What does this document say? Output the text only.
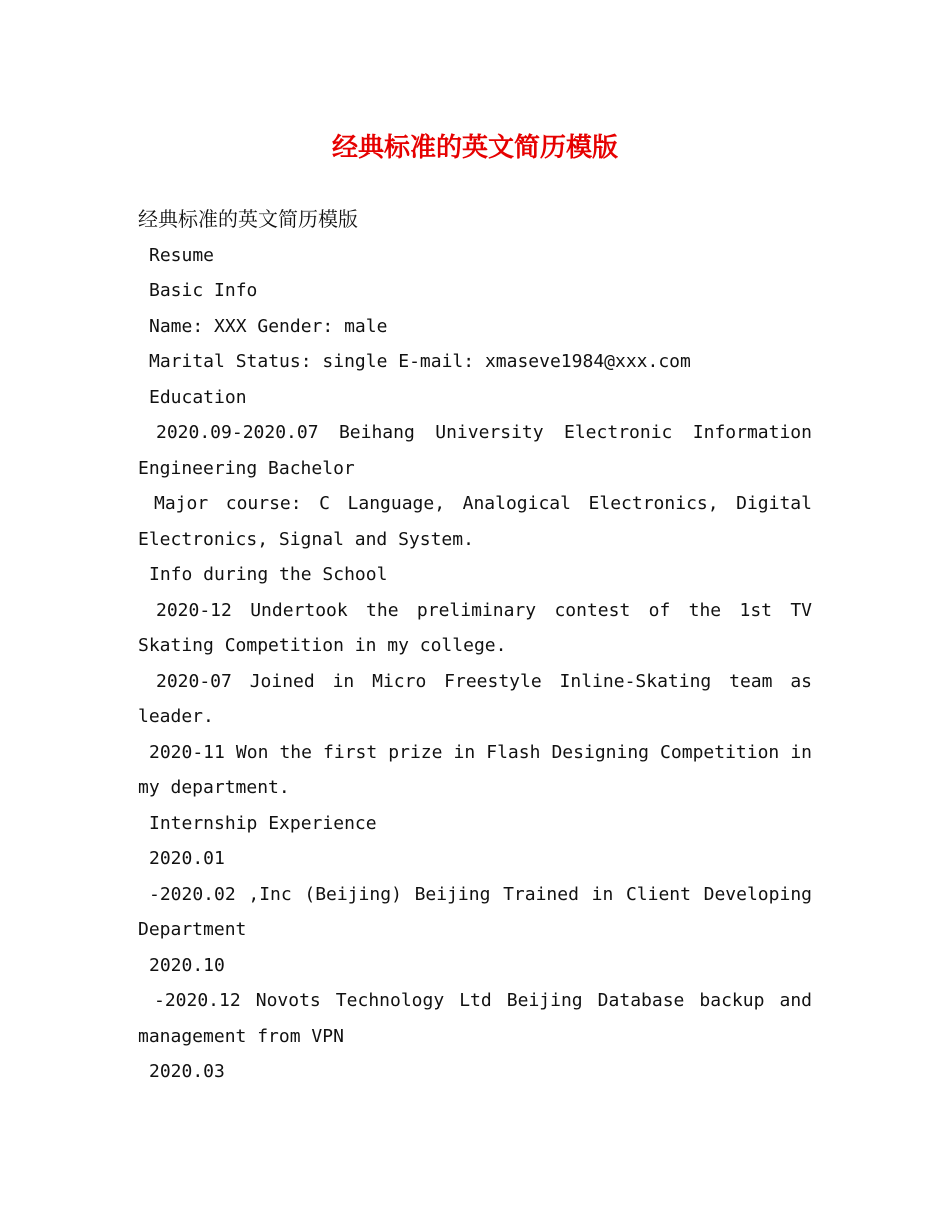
经典标准的英文简历模版

经典标准的英文简历模版

Resume

Basic Info

Name: XXX Gender: male

Marital Status: single E-mail: xmaseve1984@xxx.com

Education

2020.09-2020.07 Beihang University Electronic Information Engineering Bachelor

Major course: C Language, Analogical Electronics, Digital Electronics, Signal and System.

Info during the School

2020-12 Undertook the preliminary contest of the 1st TV Skating Competition in my college.

2020-07 Joined in Micro Freestyle Inline-Skating team as leader.

2020-11 Won the first prize in Flash Designing Competition in my department.

Internship Experience

2020.01

-2020.02 ,Inc (Beijing) Beijing Trained in Client Developing Department

2020.10

-2020.12 Novots Technology Ltd Beijing Database backup and management from VPN

2020.03
